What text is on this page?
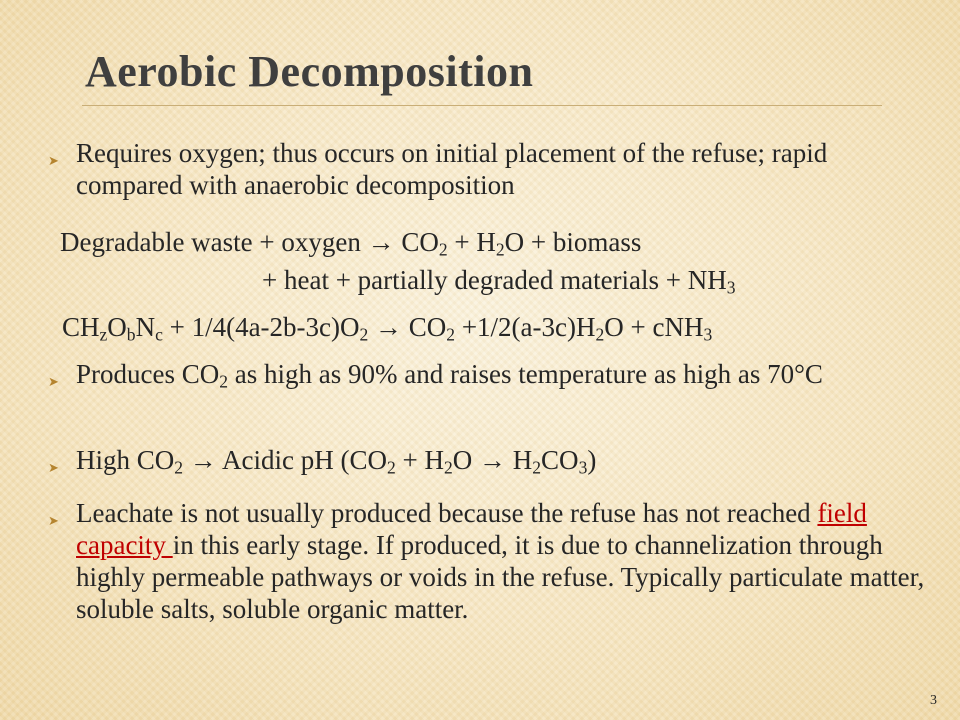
Aerobic Decomposition
➤ Requires oxygen; thus occurs on initial placement of the refuse; rapid compared with anaerobic decomposition
Degradable waste + oxygen → $CO_2 + H_2O$ + biomass
+ heat + partially degraded materials + $NH_3$
$CH_zO_bN_c + 1/4(4a-2b-3c)O_2 \to CO_2 +1/2(a-3c)H_2O + cNH_3$
➤ Produces $CO_2$ as high as 90% and raises temperature as high as 70°C
➤ High $CO_2$ → Acidic pH $(CO_2 + H_2O \to H_2CO_3)$
➤ Leachate is not usually produced because the refuse has not reached field capacity in this early stage. If produced, it is due to channelization through highly permeable pathways or voids in the refuse. Typically particulate matter, soluble salts, soluble organic matter.
3
